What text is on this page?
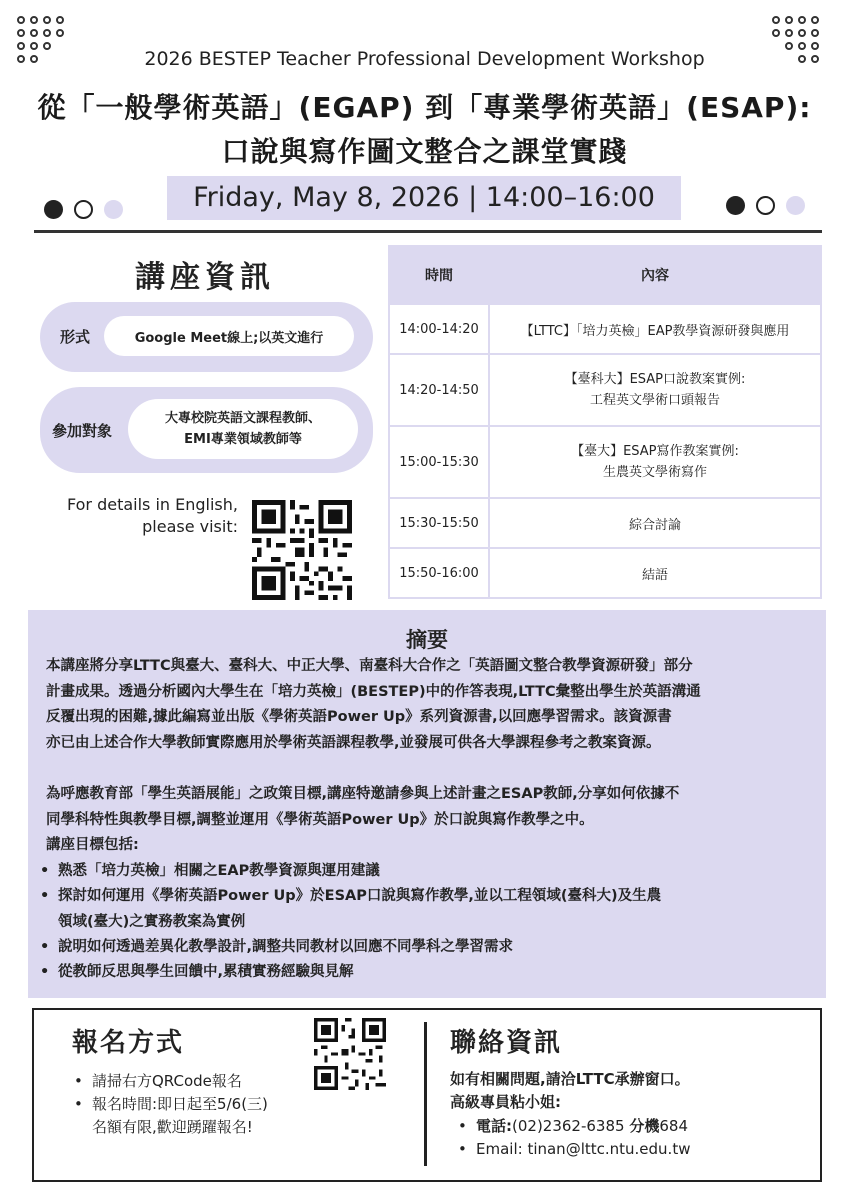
2026 BESTEP Teacher Professional Development Workshop
從「一般學術英語」(EGAP) 到「專業學術英語」(ESAP):
口說與寫作圖文整合之課堂實踐
Friday, May 8, 2026 | 14:00–16:00
講座資訊
形式	Google Meet線上;以英文進行
參加對象
大專校院英語文課程教師、
EMI專業領域教師等
For details in English,
please visit:
時間	內容
14:00-14:20	【LTTC】「培力英檢」EAP教學資源研發與應用

14:20-14:50	【臺科大】ESAP口說教案實例:
工程英文學術口頭報告

15:00-15:30	【臺大】ESAP寫作教案實例:
生農英文學術寫作

15:30-15:50	綜合討論

15:50-16:00	結語
摘要
本講座將分享LTTC與臺大、臺科大、中正大學、南臺科大合作之「英語圖文整合教學資源研發」部分
計畫成果。透過分析國內大學生在「培力英檢」(BESTEP)中的作答表現,LTTC彙整出學生於英語溝通
反覆出現的困難,據此編寫並出版《學術英語Power Up》系列資源書,以回應學習需求。該資源書
亦已由上述合作大學教師實際應用於學術英語課程教學,並發展可供各大學課程參考之教案資源。
為呼應教育部「學生英語展能」之政策目標,講座特邀請參與上述計畫之ESAP教師,分享如何依據不
同學科特性與教學目標,調整並運用《學術英語Power Up》於口說與寫作教學之中。
講座目標包括:
• 熟悉「培力英檢」相關之EAP教學資源與運用建議
• 探討如何運用《學術英語Power Up》於ESAP口說與寫作教學,並以工程領域(臺科大)及生農
領域(臺大)之實務教案為實例
• 說明如何透過差異化教學設計,調整共同教材以回應不同學科之學習需求
• 從教師反思與學生回饋中,累積實務經驗與見解
報名方式
• 請掃右方QRCode報名
• 報名時間:即日起至5/6(三)
名額有限,歡迎踴躍報名!
聯絡資訊
如有相關問題,請洽LTTC承辦窗口。
高級專員粘小姐:
• 電話:(02)2362-6385 分機684
• Email: tinan@lttc.ntu.edu.tw
